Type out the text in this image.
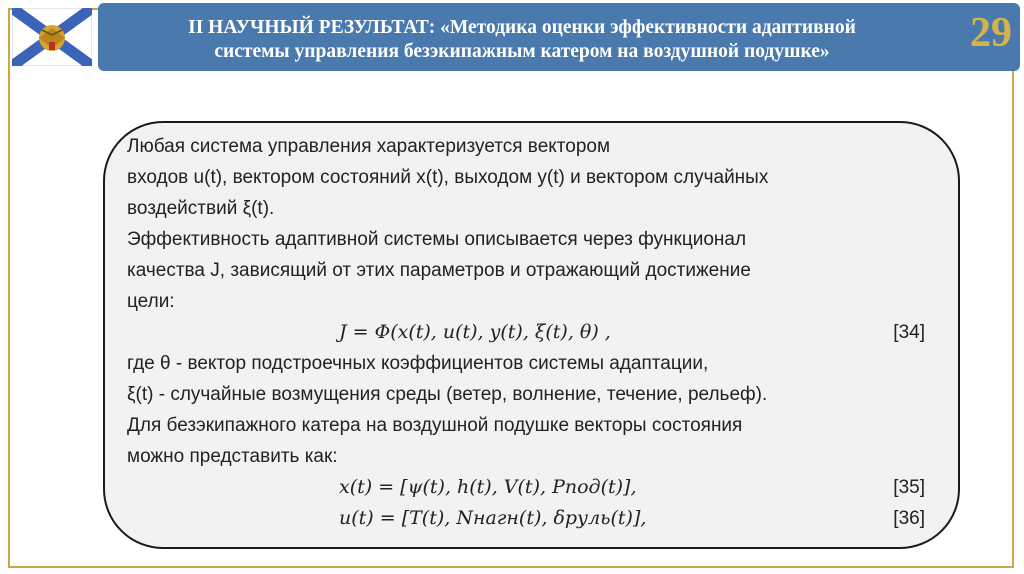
II НАУЧНЫЙ РЕЗУЛЬТАТ: «Методика оценки эффективности адаптивной
системы управления безэкипажным катером на воздушной подушке»	29

Любая система управления характеризуется вектором

входов u(t), вектором состояний x(t), выходом y(t) и вектором случайных

воздействий ξ(t).

Эффективность адаптивной системы описывается через функционал

качества J, зависящий от этих параметров и отражающий достижение

цели:

J = Φ(x(t), u(t), y(t), ξ(t), θ) ,	[34]

где θ - вектор подстроечных коэффициентов системы адаптации,

ξ(t) - случайные возмущения среды (ветер, волнение, течение, рельеф).

Для безэкипажного катера на воздушной подушке векторы состояния

можно представить как:

x(t) = [ψ(t), h(t), V(t), Pпод(t)],	[35]
u(t) = [T(t), Nнагн(t), δруль(t)],	[36]
